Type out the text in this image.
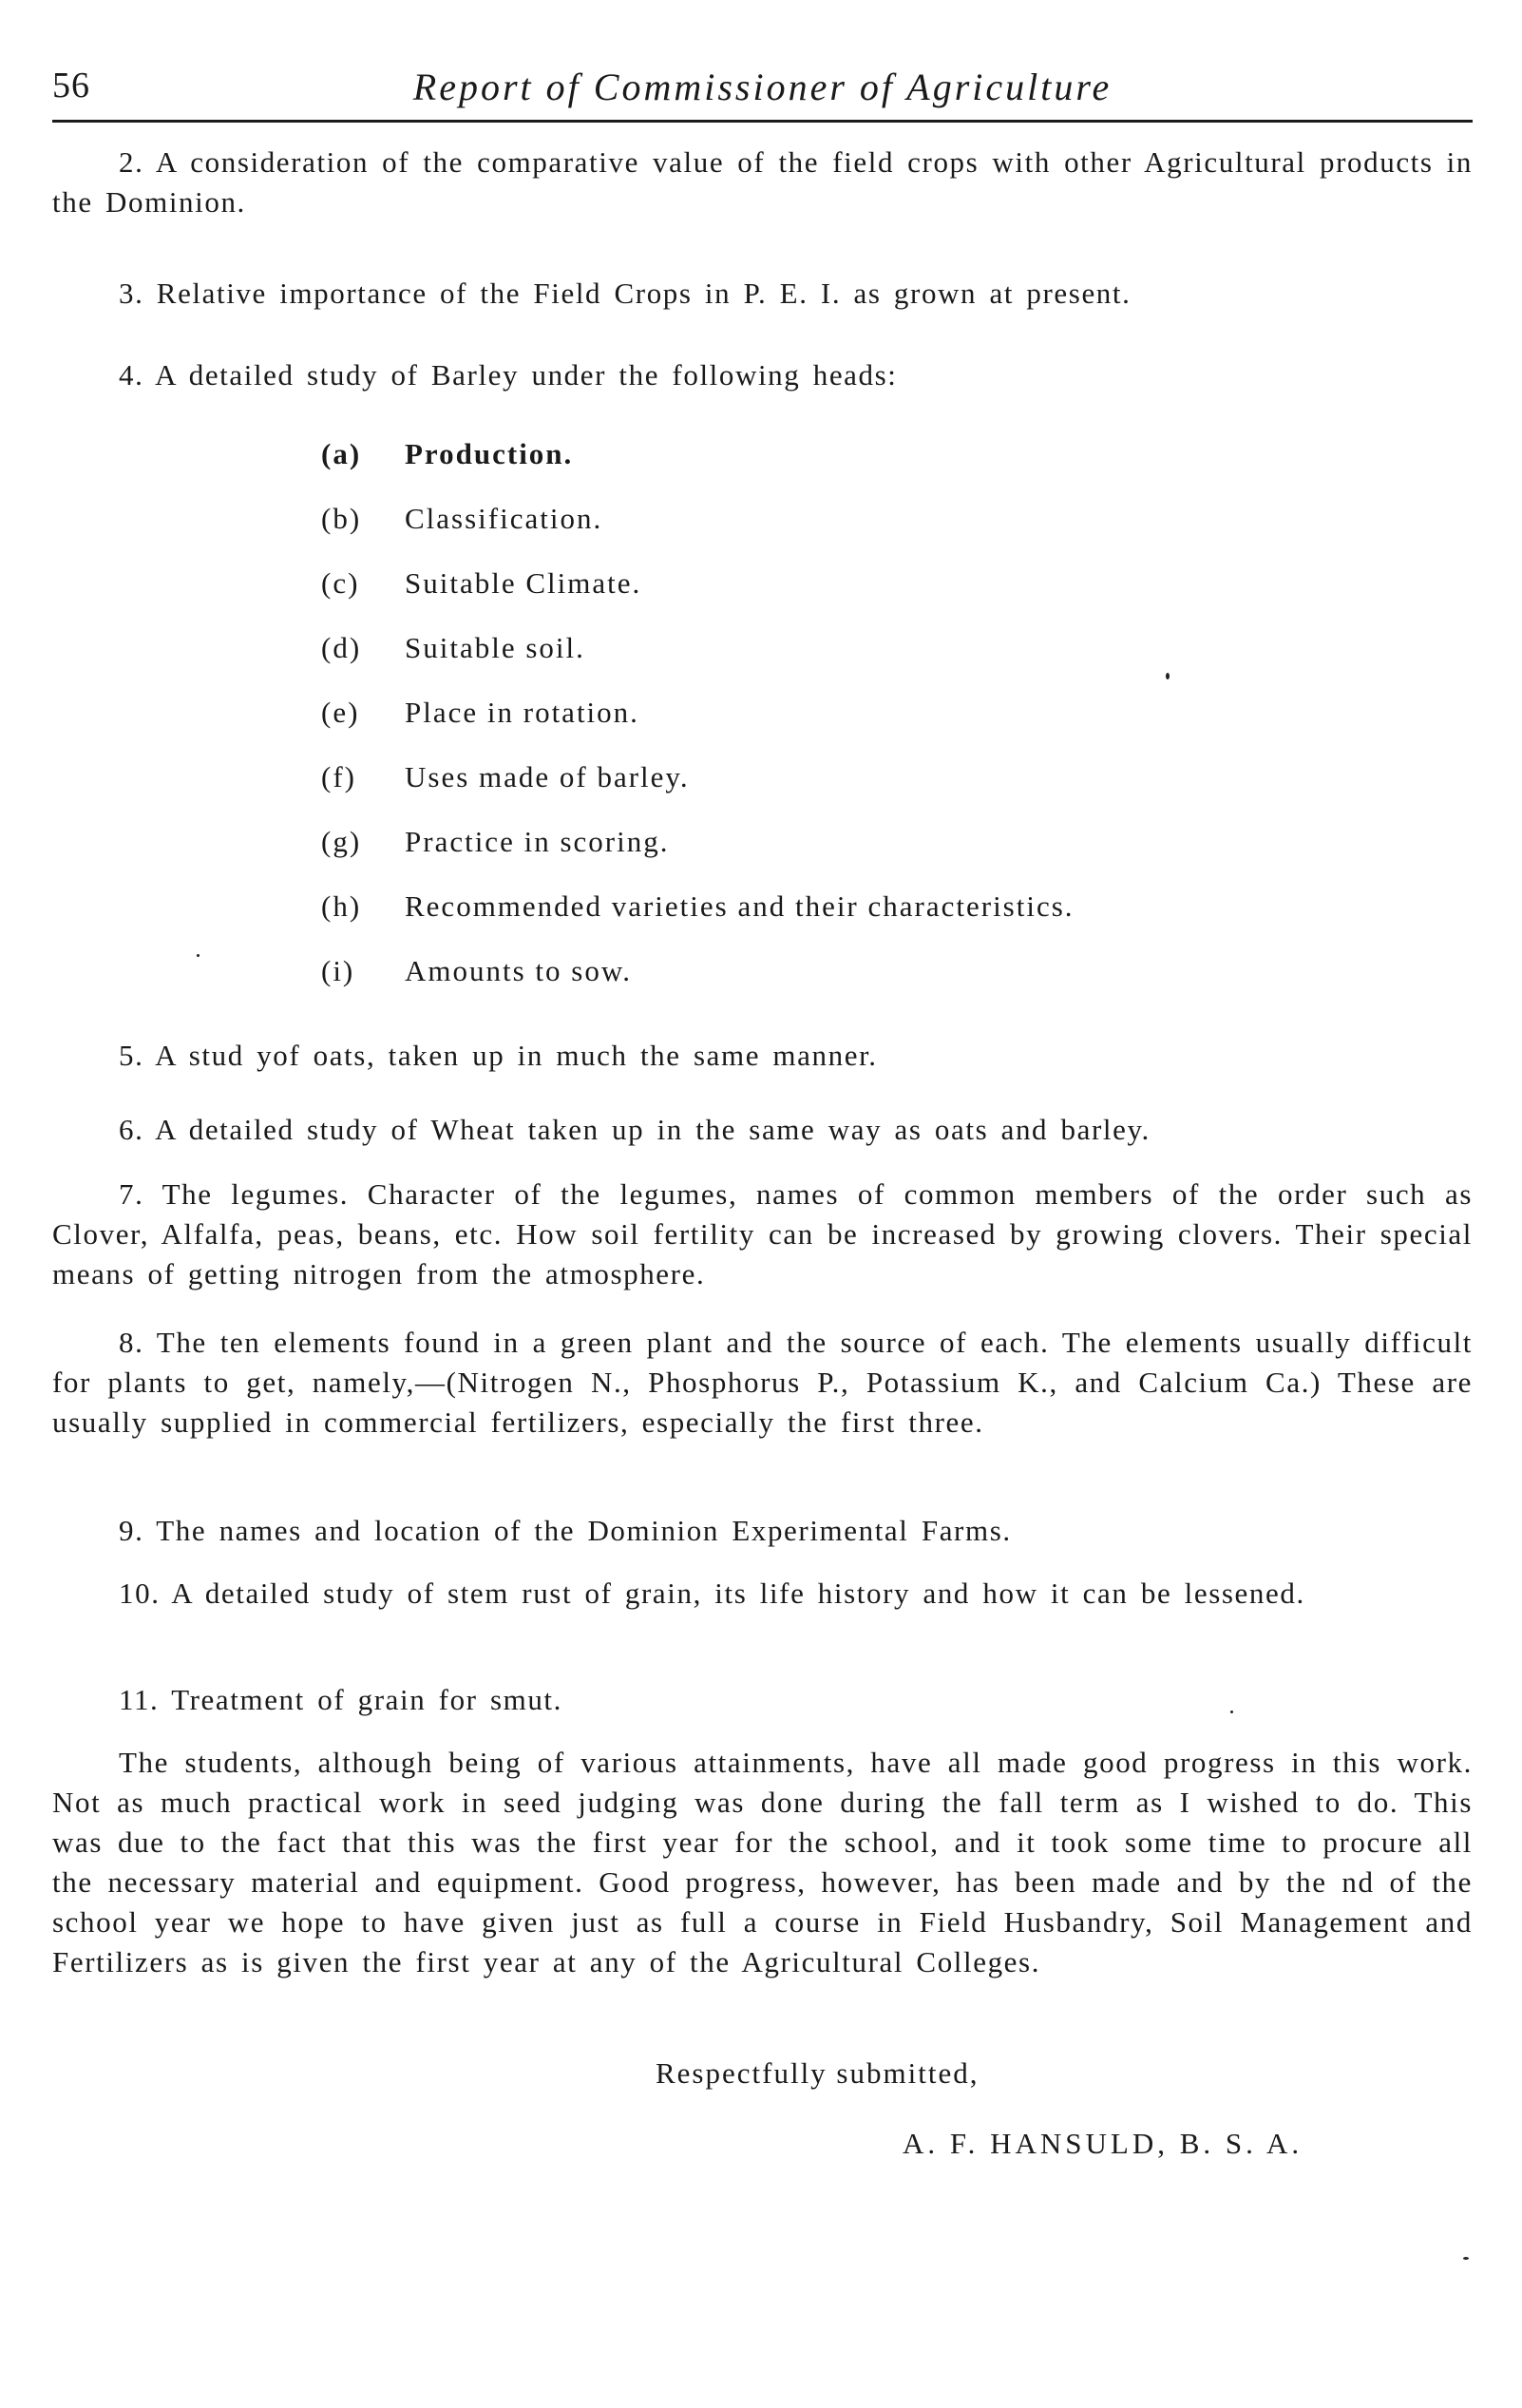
56	Report of Commissioner of Agriculture

2. A consideration of the comparative value of the field crops with other Agricultural products in the Dominion.

3. Relative importance of the Field Crops in P. E. I. as grown at present.

4. A detailed study of Barley under the following heads:

(a) Production.
(b) Classification.
(c) Suitable Climate.
(d) Suitable soil.
(e) Place in rotation.
(f) Uses made of barley.
(g) Practice in scoring.
(h) Recommended varieties and their characteristics.
(i) Amounts to sow.

5. A stud yof oats, taken up in much the same manner.

6. A detailed study of Wheat taken up in the same way as oats and barley.

7. The legumes. Character of the legumes, names of common members of the order such as Clover, Alfalfa, peas, beans, etc. How soil fertility can be increased by growing clovers. Their special means of getting nitrogen from the atmosphere.

8. The ten elements found in a green plant and the source of each. The elements usually difficult for plants to get, namely,—(Nitrogen N., Phosphorus P., Potassium K., and Calcium Ca.) These are usually supplied in commercial fertilizers, especially the first three.

9. The names and location of the Dominion Experimental Farms.

10. A detailed study of stem rust of grain, its life history and how it can be lessened.

11. Treatment of grain for smut.

The students, although being of various attainments, have all made good progress in this work. Not as much practical work in seed judging was done during the fall term as I wished to do. This was due to the fact that this was the first year for the school, and it took some time to procure all the necessary material and equipment. Good progress, however, has been made and by the nd of the school year we hope to have given just as full a course in Field Husbandry, Soil Management and Fertilizers as is given the first year at any of the Agricultural Colleges.

Respectfully submitted,
A. F. HANSULD, B. S. A.
